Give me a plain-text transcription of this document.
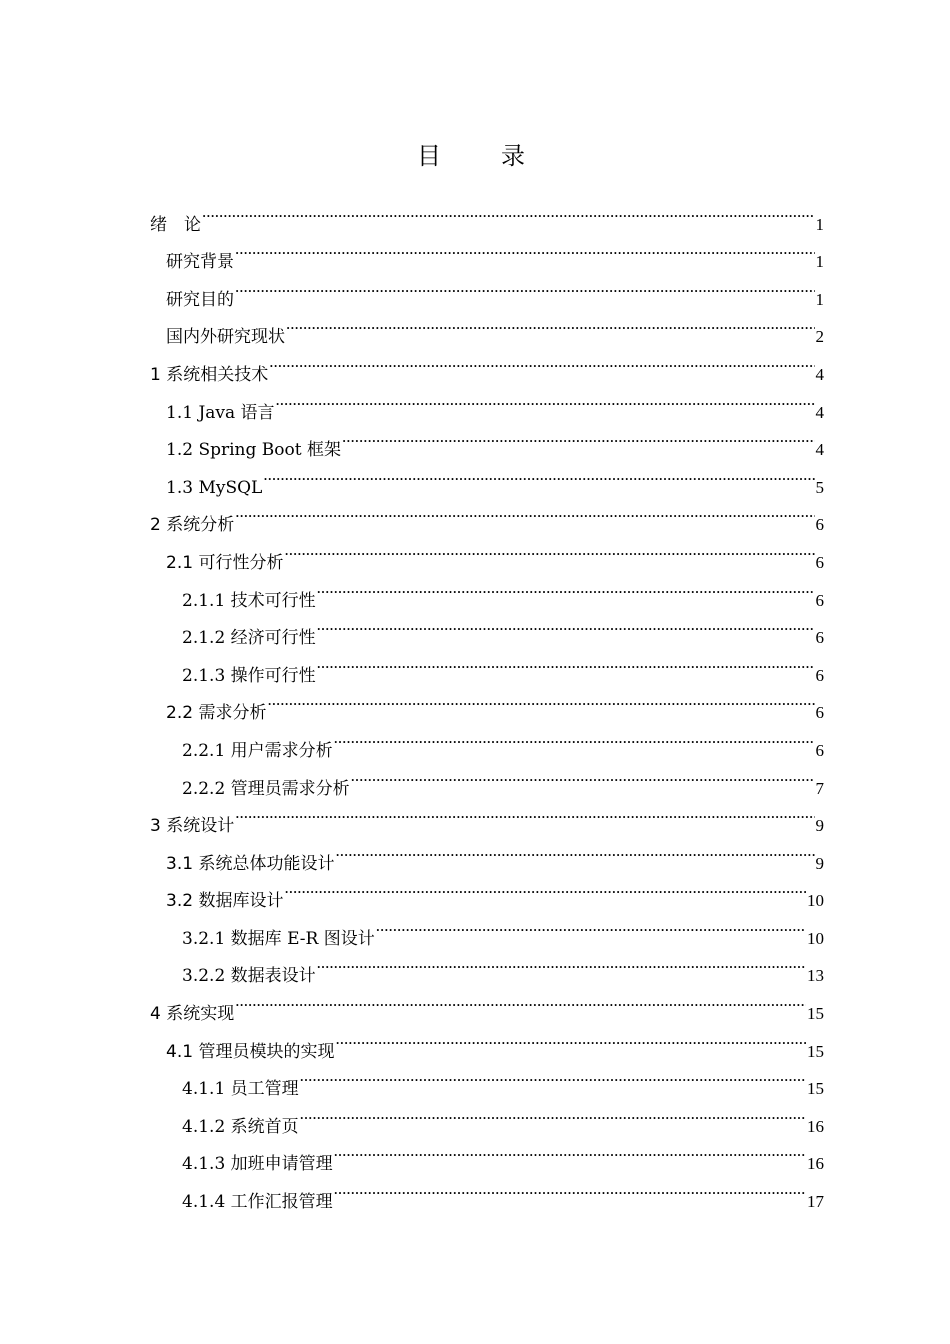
目　录
绪　论 .....	1
研究背景 .....	1
研究目的 .....	1
国内外研究现状 .....	2
1 系统相关技术 .....	4
1.1 Java 语言 .....	4
1.2 Spring Boot 框架 .....	4
1.3 MySQL .....	5
2 系统分析 .....	6
2.1 可行性分析 .....	6
2.1.1 技术可行性 .....	6
2.1.2 经济可行性 .....	6
2.1.3 操作可行性 .....	6
2.2 需求分析 .....	6
2.2.1 用户需求分析 .....	6
2.2.2 管理员需求分析 .....	7
3 系统设计 .....	9
3.1 系统总体功能设计 .....	9
3.2 数据库设计 .....	10
3.2.1 数据库 E-R 图设计 .....	10
3.2.2 数据表设计 .....	13
4 系统实现 .....	15
4.1 管理员模块的实现 .....	15
4.1.1 员工管理 .....	15
4.1.2 系统首页 .....	16
4.1.3 加班申请管理 .....	16
4.1.4 工作汇报管理 .....	17
